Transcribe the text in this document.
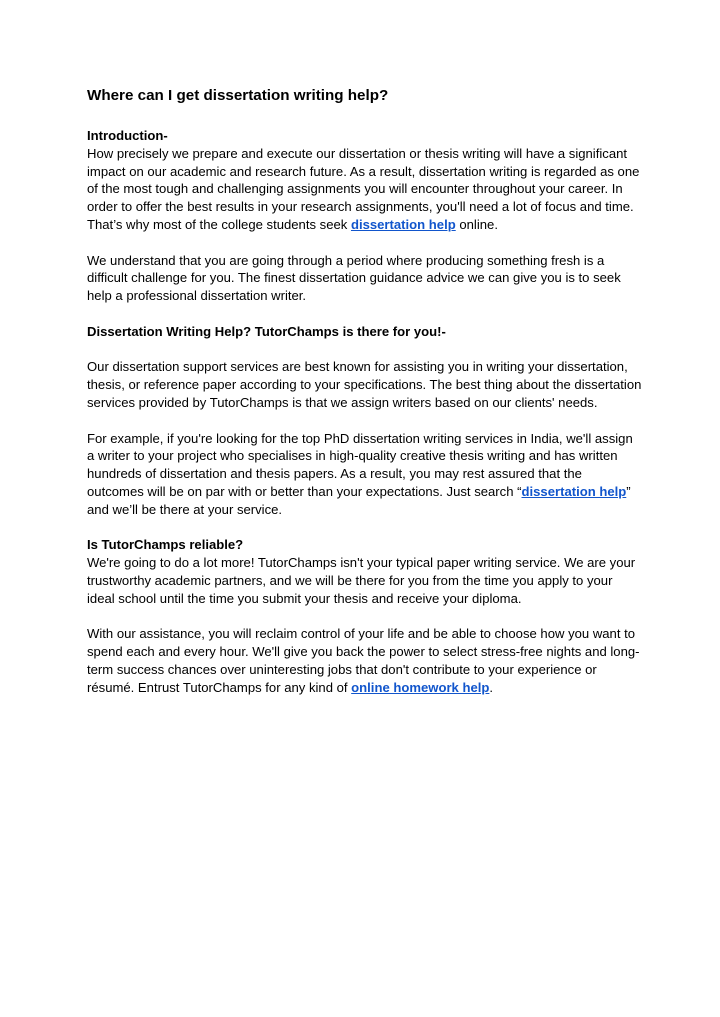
Where can I get dissertation writing help?

Introduction-

How precisely we prepare and execute our dissertation or thesis writing will have a significant impact on our academic and research future. As a result, dissertation writing is regarded as one of the most tough and challenging assignments you will encounter throughout your career. In order to offer the best results in your research assignments, you'll need a lot of focus and time. That’s why most of the college students seek dissertation help online.

We understand that you are going through a period where producing something fresh is a difficult challenge for you. The finest dissertation guidance advice we can give you is to seek help a professional dissertation writer.

Dissertation Writing Help? TutorChamps is there for you!-

Our dissertation support services are best known for assisting you in writing your dissertation, thesis, or reference paper according to your specifications. The best thing about the dissertation services provided by TutorChamps is that we assign writers based on our clients' needs.

For example, if you're looking for the top PhD dissertation writing services in India, we'll assign a writer to your project who specialises in high-quality creative thesis writing and has written hundreds of dissertation and thesis papers. As a result, you may rest assured that the outcomes will be on par with or better than your expectations. Just search “dissertation help” and we’ll be there at your service.

Is TutorChamps reliable?

We're going to do a lot more! TutorChamps isn't your typical paper writing service. We are your trustworthy academic partners, and we will be there for you from the time you apply to your ideal school until the time you submit your thesis and receive your diploma.

With our assistance, you will reclaim control of your life and be able to choose how you want to spend each and every hour. We'll give you back the power to select stress-free nights and long-term success chances over uninteresting jobs that don't contribute to your experience or résumé. Entrust TutorChamps for any kind of online homework help.
